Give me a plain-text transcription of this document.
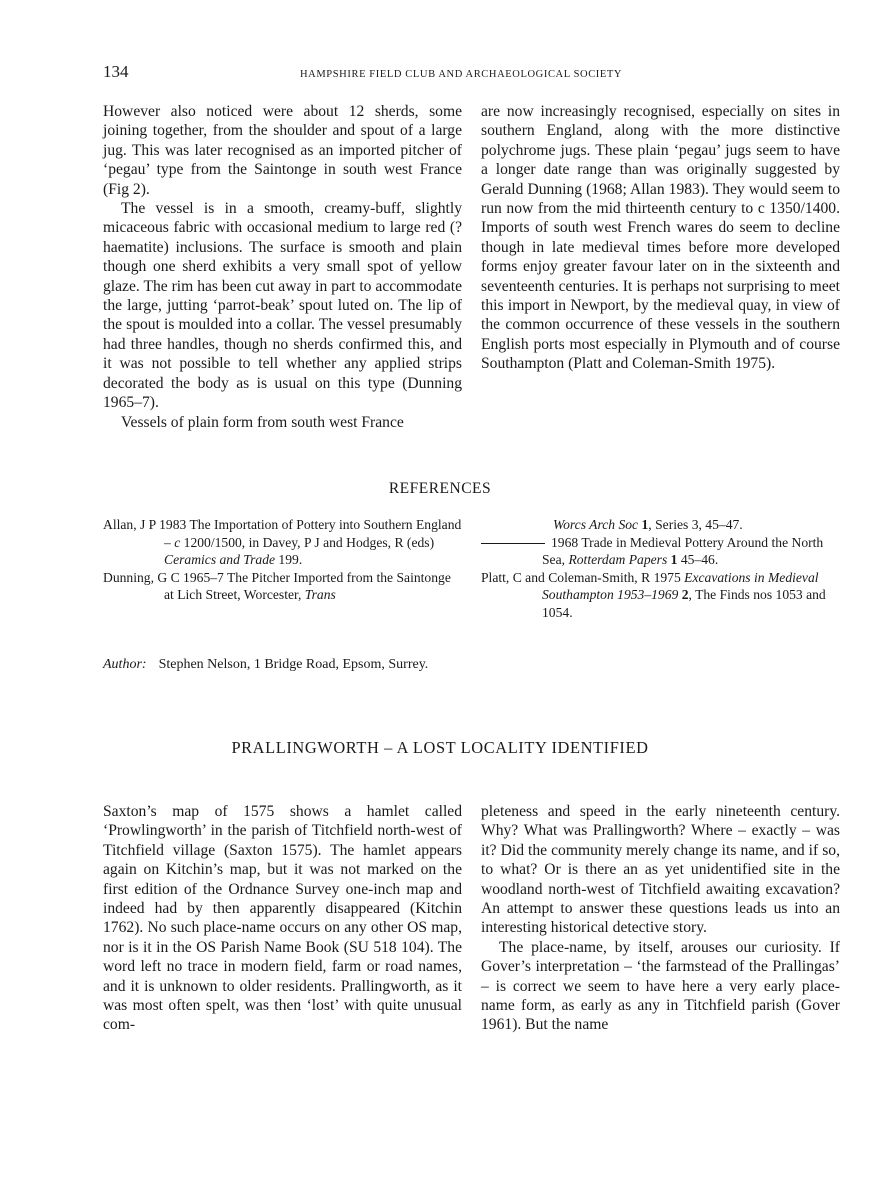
134	HAMPSHIRE FIELD CLUB AND ARCHAEOLOGICAL SOCIETY

However also noticed were about 12 sherds, some joining together, from the shoulder and spout of a large jug. This was later recognised as an imported pitcher of ‘pegau’ type from the Saintonge in south west France (Fig 2).

The vessel is in a smooth, creamy-buff, slightly micaceous fabric with occasional medium to large red (? haematite) inclusions. The surface is smooth and plain though one sherd exhibits a very small spot of yellow glaze. The rim has been cut away in part to accommodate the large, jutting ‘parrot-beak’ spout luted on. The lip of the spout is moulded into a collar. The vessel presumably had three handles, though no sherds confirmed this, and it was not possible to tell whether any applied strips decorated the body as is usual on this type (Dunning 1965–7).

Vessels of plain form from south west France

are now increasingly recognised, especially on sites in southern England, along with the more distinctive polychrome jugs. These plain ‘pegau’ jugs seem to have a longer date range than was originally suggested by Gerald Dunning (1968; Allan 1983). They would seem to run now from the mid thirteenth century to c 1350/1400. Imports of south west French wares do seem to decline though in late medieval times before more developed forms enjoy greater favour later on in the sixteenth and seventeenth centuries. It is perhaps not surprising to meet this import in Newport, by the medieval quay, in view of the common occurrence of these vessels in the southern English ports most especially in Plymouth and of course Southampton (Platt and Coleman-Smith 1975).

REFERENCES

Allan, J P 1983 The Importation of Pottery into Southern England – c 1200/1500, in Davey, P J and Hodges, R (eds) Ceramics and Trade 199.

Dunning, G C 1965–7 The Pitcher Imported from the Saintonge at Lich Street, Worcester, Trans

Worcs Arch Soc 1, Series 3, 45–47.

1968 Trade in Medieval Pottery Around the North Sea, Rotterdam Papers 1 45–46.

Platt, C and Coleman-Smith, R 1975 Excavations in Medieval Southampton 1953–1969 2, The Finds nos 1053 and 1054.

Author: Stephen Nelson, 1 Bridge Road, Epsom, Surrey.
PRALLINGWORTH – A LOST LOCALITY IDENTIFIED

Saxton’s map of 1575 shows a hamlet called ‘Prowlingworth’ in the parish of Titchfield north-west of Titchfield village (Saxton 1575). The hamlet appears again on Kitchin’s map, but it was not marked on the first edition of the Ordnance Survey one-inch map and indeed had by then apparently disappeared (Kitchin 1762). No such place-name occurs on any other OS map, nor is it in the OS Parish Name Book (SU 518 104). The word left no trace in modern field, farm or road names, and it is unknown to older residents. Prallingworth, as it was most often spelt, was then ‘lost’ with quite unusual com-

pleteness and speed in the early nineteenth century. Why? What was Prallingworth? Where – exactly – was it? Did the community merely change its name, and if so, to what? Or is there an as yet unidentified site in the woodland north-west of Titchfield awaiting excavation? An attempt to answer these questions leads us into an interesting historical detective story.

The place-name, by itself, arouses our curiosity. If Gover’s interpretation – ‘the farmstead of the Prallingas’ – is correct we seem to have here a very early place-name form, as early as any in Titchfield parish (Gover 1961). But the name
